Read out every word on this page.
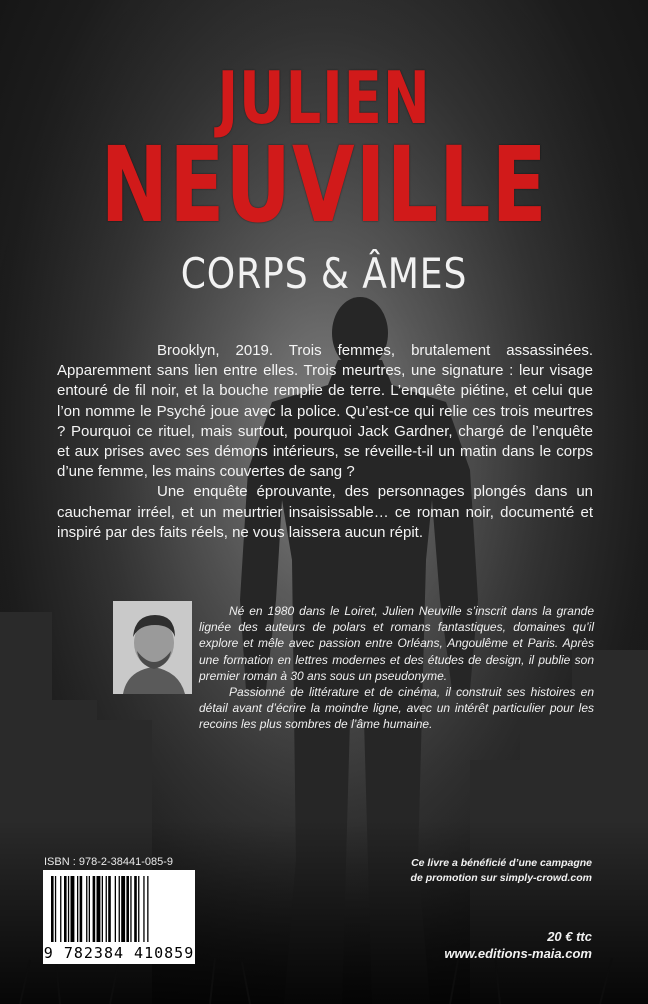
JULIEN
NEUVILLE
CORPS & ÂMES

Brooklyn, 2019. Trois femmes, brutalement assassinées. Apparemment sans lien entre elles. Trois meurtres, une signature : leur visage entouré de fil noir, et la bouche remplie de terre. L’enquête piétine, et celui que l’on nomme le Psyché joue avec la police. Qu’est-ce qui relie ces trois meurtres ? Pourquoi ce rituel, mais surtout, pourquoi Jack Gardner, chargé de l’enquête et aux prises avec ses démons intérieurs, se réveille-t-il un matin dans le corps d’une femme, les mains couvertes de sang ?

Une enquête éprouvante, des personnages plongés dans un cauchemar irréel, et un meurtrier insaisissable… ce roman noir, documenté et inspiré par des faits réels, ne vous laissera aucun répit.

Né en 1980 dans le Loiret, Julien Neuville s’inscrit dans la grande lignée des auteurs de polars et romans fantastiques, domaines qu’il explore et mêle avec passion entre Orléans, Angoulême et Paris. Après une formation en lettres modernes et des études de design, il publie son premier roman à 30 ans sous un pseudonyme.

Passionné de littérature et de cinéma, il construit ses histoires en détail avant d’écrire la moindre ligne, avec un intérêt particulier pour les recoins les plus sombres de l’âme humaine.

ISBN : 978-2-38441-085-9
9 782384 410859
Ce livre a bénéficié d’une campagne
de promotion sur simply-crowd.com
20 € ttc
www.editions-maia.com
